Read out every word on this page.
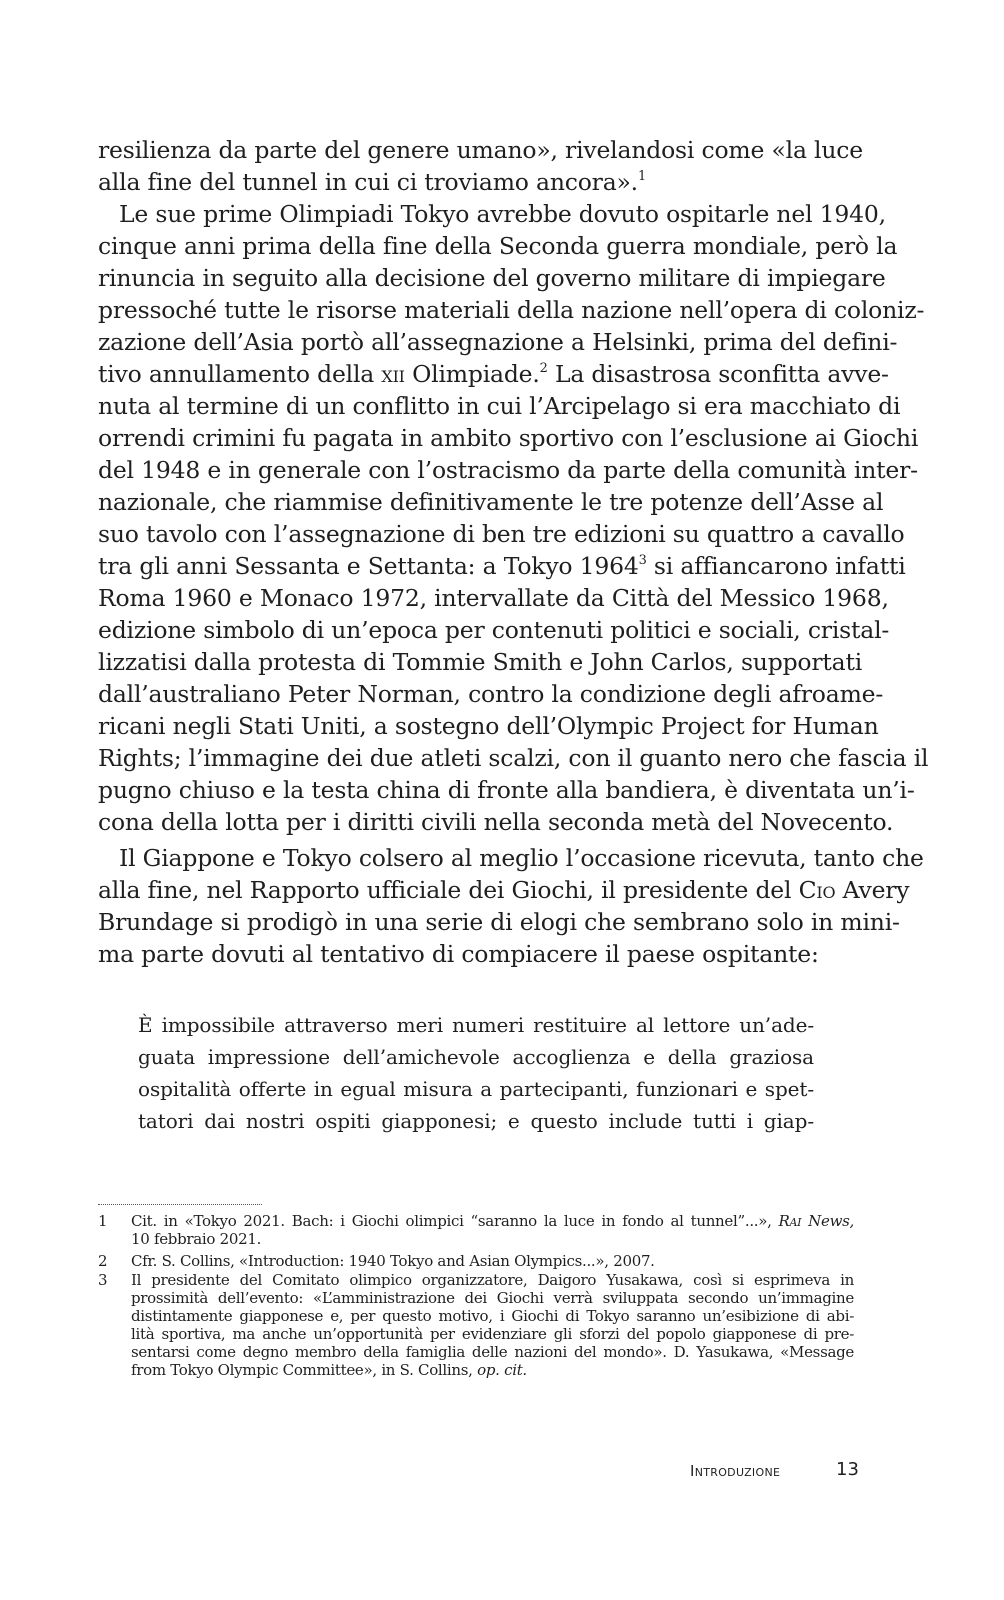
resilienza da parte del genere umano», rivelandosi come «la luce
alla fine del tunnel in cui ci troviamo ancora».$^1$
Le sue prime Olimpiadi Tokyo avrebbe dovuto ospitarle nel 1940,
cinque anni prima della fine della Seconda guerra mondiale, però la
rinuncia in seguito alla decisione del governo militare di impiegare
pressoché tutte le risorse materiali della nazione nell’opera di coloniz-
zazione dell’Asia portò all’assegnazione a Helsinki, prima del defini-
tivo annullamento della xii Olimpiade.$^2$ La disastrosa sconfitta avve-
nuta al termine di un conflitto in cui l’Arcipelago si era macchiato di
orrendi crimini fu pagata in ambito sportivo con l’esclusione ai Giochi
del 1948 e in generale con l’ostracismo da parte della comunità inter-
nazionale, che riammise definitivamente le tre potenze dell’Asse al
suo tavolo con l’assegnazione di ben tre edizioni su quattro a cavallo
tra gli anni Sessanta e Settanta: a Tokyo 1964$^3$ si affiancarono infatti
Roma 1960 e Monaco 1972, intervallate da Città del Messico 1968,
edizione simbolo di un’epoca per contenuti politici e sociali, cristal-
lizzatisi dalla protesta di Tommie Smith e John Carlos, supportati
dall’australiano Peter Norman, contro la condizione degli afroame-
ricani negli Stati Uniti, a sostegno dell’Olympic Project for Human
Rights; l’immagine dei due atleti scalzi, con il guanto nero che fascia il
pugno chiuso e la testa china di fronte alla bandiera, è diventata un’i-
cona della lotta per i diritti civili nella seconda metà del Novecento.
Il Giappone e Tokyo colsero al meglio l’occasione ricevuta, tanto che
alla fine, nel Rapporto ufficiale dei Giochi, il presidente del Cio Avery
Brundage si prodigò in una serie di elogi che sembrano solo in mini-
ma parte dovuti al tentativo di compiacere il paese ospitante:
È impossibile attraverso meri numeri restituire al lettore un’ade-
guata impressione dell’amichevole accoglienza e della graziosa
ospitalità offerte in egual misura a partecipanti, funzionari e spet-
tatori dai nostri ospiti giapponesi; e questo include tutti i giap-
1	Cit. in «Tokyo 2021. Bach: i Giochi olimpici “saranno la luce in fondo al tunnel”...», Rai News,
10 febbraio 2021.
2	Cfr. S. Collins, «Introduction: 1940 Tokyo and Asian Olympics...», 2007.
3	Il presidente del Comitato olimpico organizzatore, Daigoro Yusakawa, così si esprimeva in
prossimità dell’evento: «L’amministrazione dei Giochi verrà sviluppata secondo un’immagine
distintamente giapponese e, per questo motivo, i Giochi di Tokyo saranno un’esibizione di abi-
lità sportiva, ma anche un’opportunità per evidenziare gli sforzi del popolo giapponese di pre-
sentarsi come degno membro della famiglia delle nazioni del mondo». D. Yasukawa, «Message
from Tokyo Olympic Committee», in S. Collins, op. cit.
Introduzione	13
